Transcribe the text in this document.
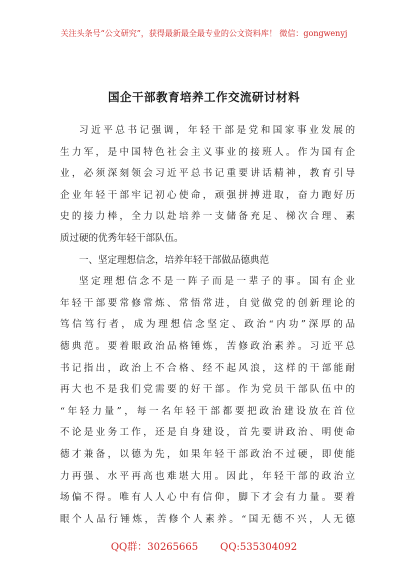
关注头条号“公文研究”，获得最新最全最专业的公文资料库！ 微信：gongwenyj
国企干部教育培养工作交流研讨材料
习近平总书记强调，年轻干部是党和国家事业发展的
生力军，是中国特色社会主义事业的接班人。作为国有企
业，必须深刻领会习近平总书记重要讲话精神，教育引导
企业年轻干部牢记初心使命，顽强拼搏进取，奋力跑好历
史的接力棒，全力以赴培养一支储备充足、梯次合理、素
质过硬的优秀年轻干部队伍。
一、坚定理想信念，培养年轻干部做品德典范
坚定理想信念不是一阵子而是一辈子的事。国有企业
年轻干部要常修常炼、常悟常进，自觉做党的创新理论的
笃信笃行者，成为理想信念坚定、政治“内功”深厚的品
德典范。要着眼政治品格锤炼，苦修政治素养。习近平总
书记指出，政治上不合格、经不起风浪，这样的干部能耐
再大也不是我们党需要的好干部。作为党员干部队伍中的
“年轻力量”，每一名年轻干部都要把政治建设放在首位
不论是业务工作，还是自身建设，首先要讲政治、明使命
德才兼备，以德为先，如果年轻干部政治不过硬，即使能
力再强、水平再高也难堪大用。因此，年轻干部的政治立
场偏不得。唯有人人心中有信仰，脚下才会有力量。要着
眼个人品行锤炼，苦修个人素养。“国无德不兴，人无德
QQ群：30265665 QQ:535304092
